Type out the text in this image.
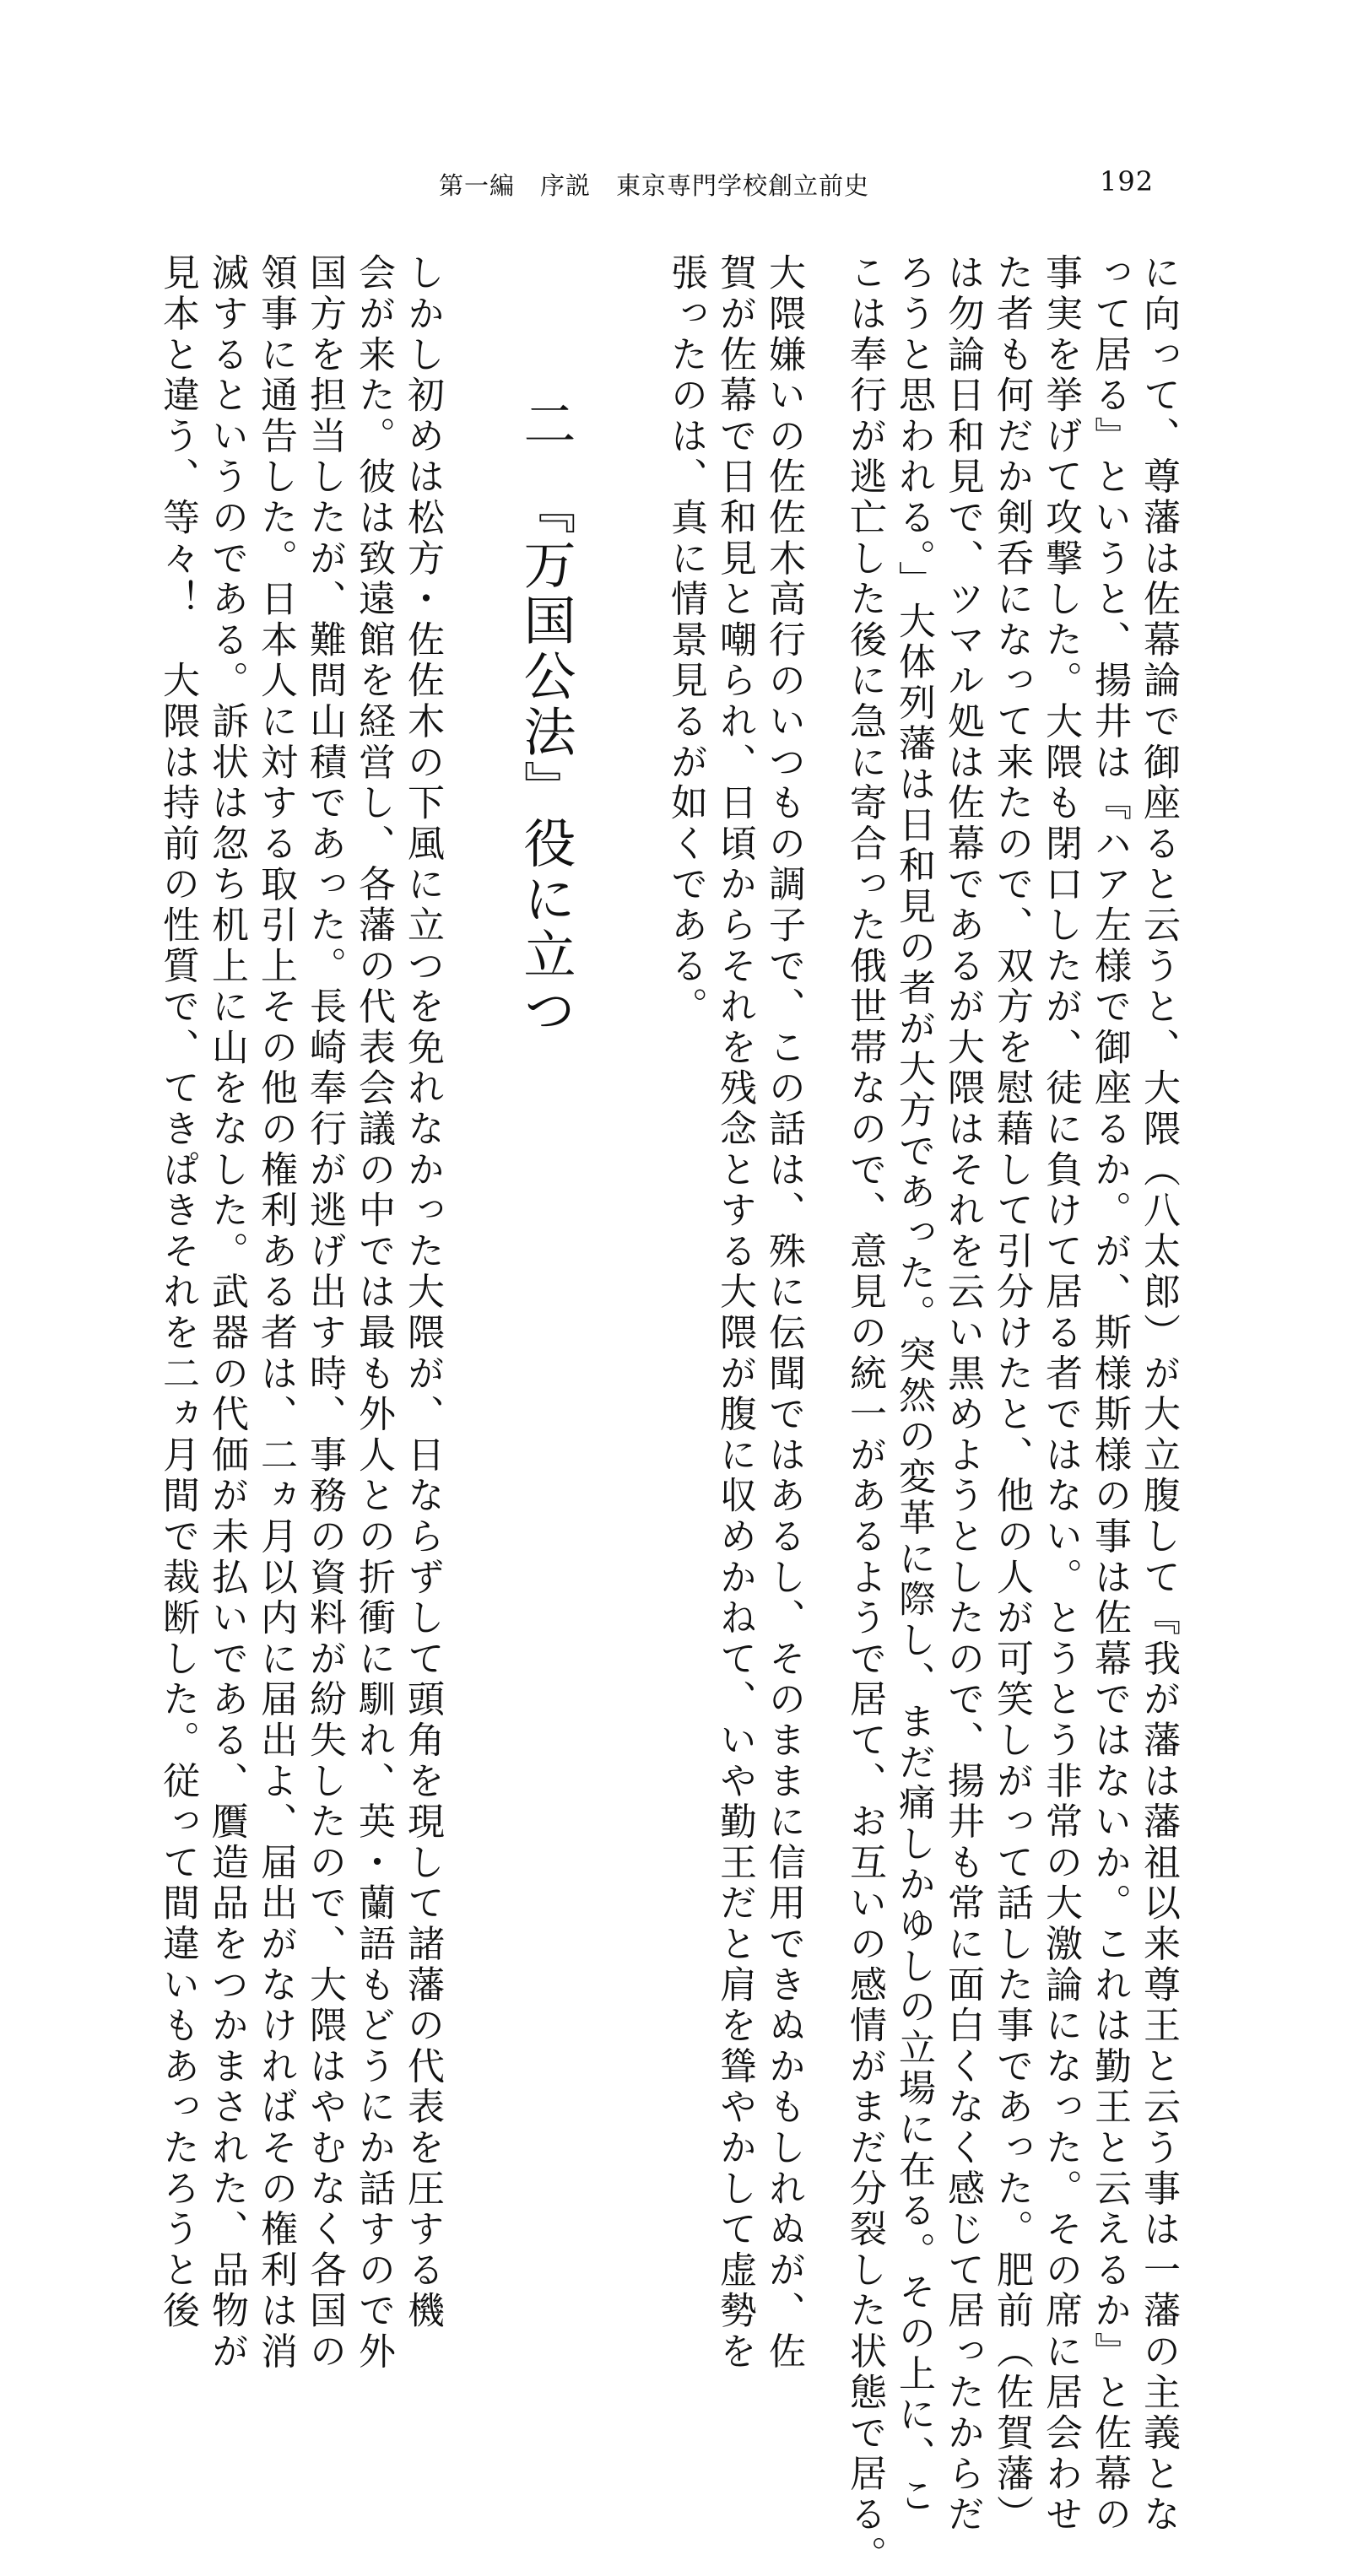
第一編　序説　東京専門学校創立前史	192
に向って、尊藩は佐幕論で御座ると云うと、大隈（八太郎）が大立腹して『我が藩は藩祖以来尊王と云う事は一藩の主義とな
って居る』というと、揚井は『ハア左様で御座るか。が、斯様斯様の事は佐幕ではないか。これは勤王と云えるか』と佐幕の
事実を挙げて攻撃した。大隈も閉口したが、徒に負けて居る者ではない。とうとう非常の大激論になった。その席に居会わせ
た者も何だか剣呑になって来たので、双方を慰藉して引分けたと、他の人が可笑しがって話した事であった。肥前（佐賀藩）
は勿論日和見で、ツマル処は佐幕であるが大隈はそれを云い黒めようとしたので、揚井も常に面白くなく感じて居ったからだ
ろうと思われる。」大体列藩は日和見の者が大方であった。突然の変革に際し、まだ痛しかゆしの立場に在る。その上に、こ
こは奉行が逃亡した後に急に寄合った俄世帯なので、意見の統一があるようで居て、お互いの感情がまだ分裂した状態で居る。
大隈嫌いの佐佐木高行のいつもの調子で、この話は、殊に伝聞ではあるし、そのままに信用できぬかもしれぬが、佐
賀が佐幕で日和見と嘲られ、日頃からそれを残念とする大隈が腹に収めかねて、いや勤王だと肩を聳やかして虚勢を
張ったのは、真に情景見るが如くである。
二　『万国公法』役に立つ
しかし初めは松方・佐佐木の下風に立つを免れなかった大隈が、日ならずして頭角を現して諸藩の代表を圧する機
会が来た。彼は致遠館を経営し、各藩の代表会議の中では最も外人との折衝に馴れ、英・蘭語もどうにか話すので外
国方を担当したが、難問山積であった。長崎奉行が逃げ出す時、事務の資料が紛失したので、大隈はやむなく各国の
領事に通告した。日本人に対する取引上その他の権利ある者は、二ヵ月以内に届出よ、届出がなければその権利は消
滅するというのである。訴状は忽ち机上に山をなした。武器の代価が未払いである、贋造品をつかまされた、品物が
見本と違う、等々！　大隈は持前の性質で、てきぱきそれを二ヵ月間で裁断した。従って間違いもあったろうと後
